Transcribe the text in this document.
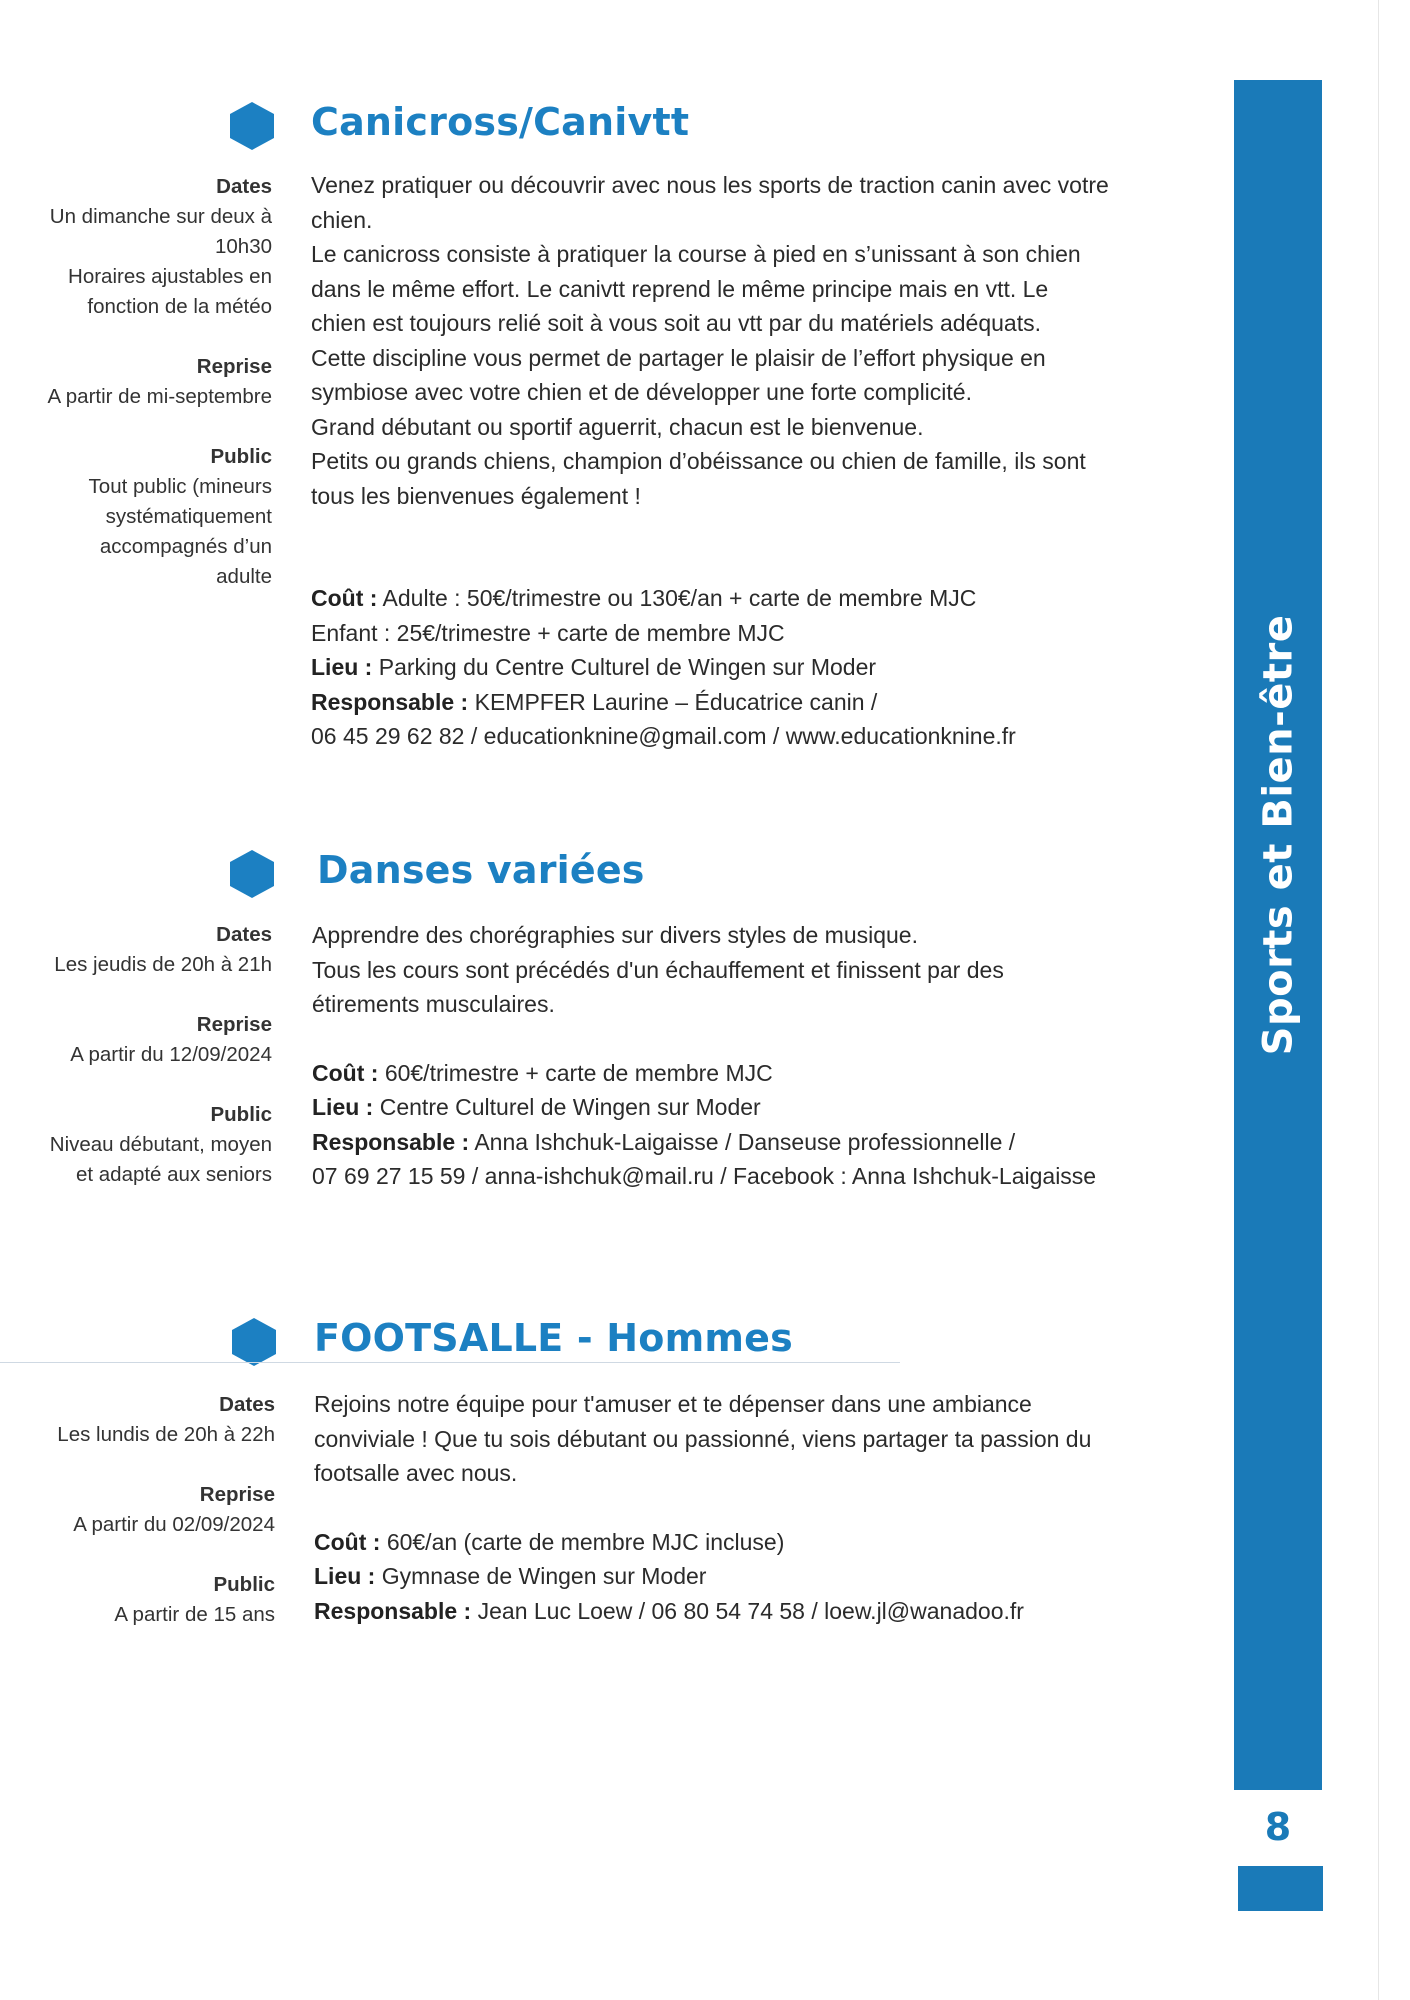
Canicross/Canivtt
Dates
Un dimanche sur deux à
10h30
Horaires ajustables en
fonction de la météo
Reprise
A partir de mi-septembre
Public
Tout public (mineurs
systématiquement
accompagnés d’un
adulte

Venez pratiquer ou découvrir avec nous les sports de traction canin avec votre

chien.

Le canicross consiste à pratiquer la course à pied en s’unissant à son chien

dans le même effort. Le canivtt reprend le même principe mais en vtt. Le

chien est toujours relié soit à vous soit au vtt par du matériels adéquats.

Cette discipline vous permet de partager le plaisir de l’effort physique en

symbiose avec votre chien et de développer une forte complicité.

Grand débutant ou sportif aguerrit, chacun est le bienvenue.

Petits ou grands chiens, champion d’obéissance ou chien de famille, ils sont

tous les bienvenues également !

Coût : Adulte : 50€/trimestre ou 130€/an + carte de membre MJC

Enfant : 25€/trimestre + carte de membre MJC

Lieu : Parking du Centre Culturel de Wingen sur Moder

Responsable : KEMPFER Laurine – Éducatrice canin /

06 45 29 62 82 / educationknine@gmail.com / www.educationknine.fr

Danses variées
Dates
Les jeudis de 20h à 21h
Reprise
A partir du 12/09/2024
Public
Niveau débutant, moyen
et adapté aux seniors

Apprendre des chorégraphies sur divers styles de musique.

Tous les cours sont précédés d'un échauffement et finissent par des

étirements musculaires.

Coût : 60€/trimestre + carte de membre MJC

Lieu : Centre Culturel de Wingen sur Moder

Responsable : Anna Ishchuk-Laigaisse / Danseuse professionnelle /

07 69 27 15 59 / anna-ishchuk@mail.ru / Facebook : Anna Ishchuk-Laigaisse

FOOTSALLE - Hommes
Dates
Les lundis de 20h à 22h
Reprise
A partir du 02/09/2024
Public
A partir de 15 ans

Rejoins notre équipe pour t'amuser et te dépenser dans une ambiance

conviviale ! Que tu sois débutant ou passionné, viens partager ta passion du

footsalle avec nous.

Coût : 60€/an (carte de membre MJC incluse)

Lieu : Gymnase de Wingen sur Moder

Responsable : Jean Luc Loew / 06 80 54 74 58 / loew.jl@wanadoo.fr

Sports et Bien-être
8
